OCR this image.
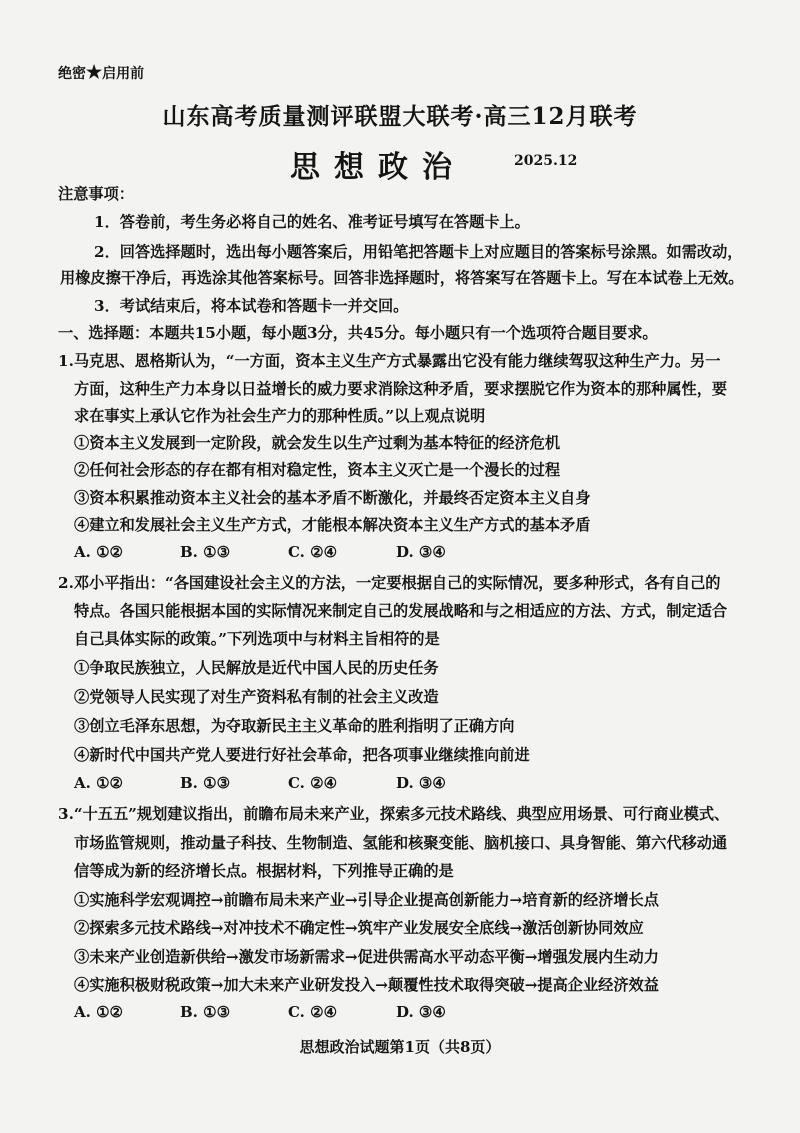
绝密★启用前
山东高考质量测评联盟大联考·高三12月联考
思想政治	2025.12
注意事项：
1．答卷前，考生务必将自己的姓名、准考证号填写在答题卡上。
2．回答选择题时，选出每小题答案后，用铅笔把答题卡上对应题目的答案标号涂黑。如需改动，
用橡皮擦干净后，再选涂其他答案标号。回答非选择题时，将答案写在答题卡上。写在本试卷上无效。
3．考试结束后，将本试卷和答题卡一并交回。
一、选择题：本题共15小题，每小题3分，共45分。每小题只有一个选项符合题目要求。
1.马克思、恩格斯认为，“一方面，资本主义生产方式暴露出它没有能力继续驾驭这种生产力。另一
方面，这种生产力本身以日益增长的威力要求消除这种矛盾，要求摆脱它作为资本的那种属性，要
求在事实上承认它作为社会生产力的那种性质。”以上观点说明
①资本主义发展到一定阶段，就会发生以生产过剩为基本特征的经济危机
②任何社会形态的存在都有相对稳定性，资本主义灭亡是一个漫长的过程
③资本积累推动资本主义社会的基本矛盾不断激化，并最终否定资本主义自身
④建立和发展社会主义生产方式，才能根本解决资本主义生产方式的基本矛盾
A. ①②	B. ①③	C. ②④	D. ③④
2.邓小平指出：“各国建设社会主义的方法，一定要根据自己的实际情况，要多种形式，各有自己的
特点。各国只能根据本国的实际情况来制定自己的发展战略和与之相适应的方法、方式，制定适合
自己具体实际的政策。”下列选项中与材料主旨相符的是
①争取民族独立，人民解放是近代中国人民的历史任务
②党领导人民实现了对生产资料私有制的社会主义改造
③创立毛泽东思想，为夺取新民主主义革命的胜利指明了正确方向
④新时代中国共产党人要进行好社会革命，把各项事业继续推向前进
A. ①②	B. ①③	C. ②④	D. ③④
3.“十五五”规划建议指出，前瞻布局未来产业，探索多元技术路线、典型应用场景、可行商业模式、
市场监管规则，推动量子科技、生物制造、氢能和核聚变能、脑机接口、具身智能、第六代移动通
信等成为新的经济增长点。根据材料，下列推导正确的是
①实施科学宏观调控→前瞻布局未来产业→引导企业提高创新能力→培育新的经济增长点
②探索多元技术路线→对冲技术不确定性→筑牢产业发展安全底线→激活创新协同效应
③未来产业创造新供给→激发市场新需求→促进供需高水平动态平衡→增强发展内生动力
④实施积极财税政策→加大未来产业研发投入→颠覆性技术取得突破→提高企业经济效益
A. ①②	B. ①③	C. ②④	D. ③④
思想政治试题第1页（共8页）
